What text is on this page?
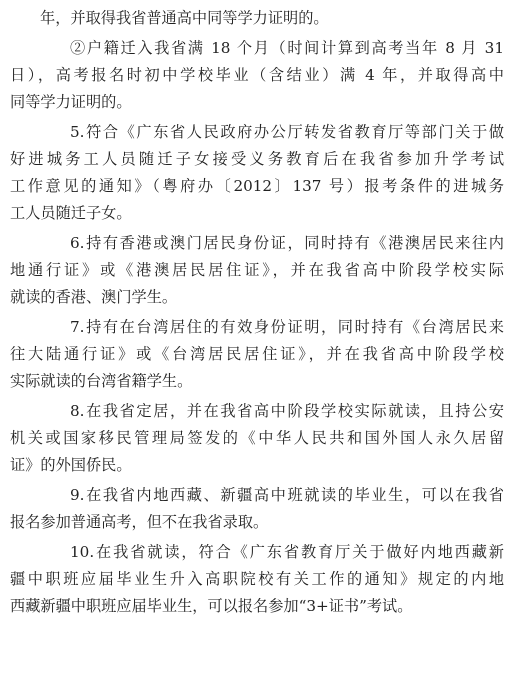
年，并取得我省普通高中同等学力证明的。
②户籍迁入我省满 18 个月（时间计算到高考当年 8 月 31
日），高考报名时初中学校毕业（含结业）满 4 年，并取得高中
同等学力证明的。
5.符合《广东省人民政府办公厅转发省教育厅等部门关于做
好进城务工人员随迁子女接受义务教育后在我省参加升学考试
工作意见的通知》（粤府办〔2012〕137 号）报考条件的进城务
工人员随迁子女。
6.持有香港或澳门居民身份证，同时持有《港澳居民来往内
地通行证》或《港澳居民居住证》，并在我省高中阶段学校实际
就读的香港、澳门学生。
7.持有在台湾居住的有效身份证明，同时持有《台湾居民来
往大陆通行证》或《台湾居民居住证》，并在我省高中阶段学校
实际就读的台湾省籍学生。
8.在我省定居，并在我省高中阶段学校实际就读，且持公安
机关或国家移民管理局签发的《中华人民共和国外国人永久居留
证》的外国侨民。
9.在我省内地西藏、新疆高中班就读的毕业生，可以在我省
报名参加普通高考，但不在我省录取。
10.在我省就读，符合《广东省教育厅关于做好内地西藏新
疆中职班应届毕业生升入高职院校有关工作的通知》规定的内地
西藏新疆中职班应届毕业生，可以报名参加“3+证书”考试。
